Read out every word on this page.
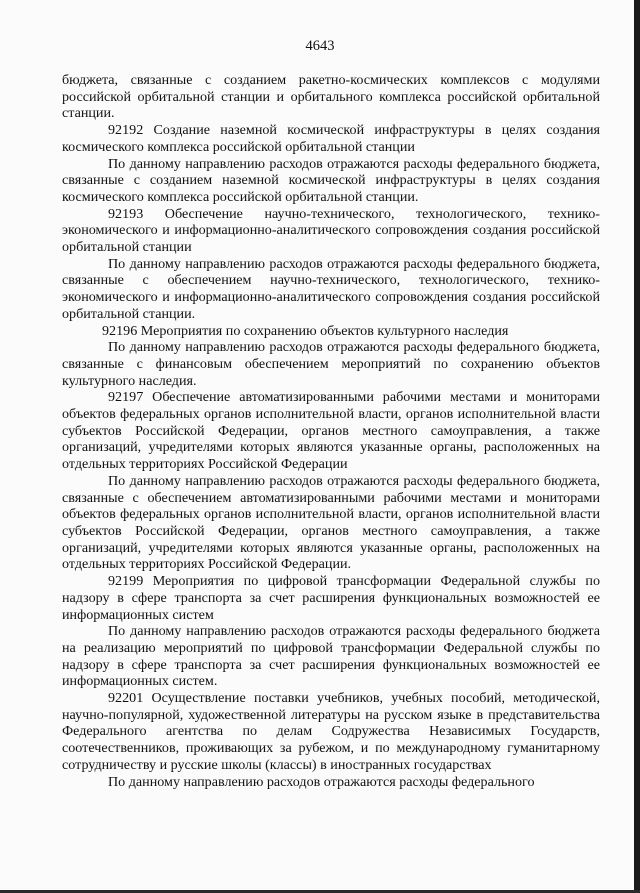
4643

бюджета, связанные с созданием ракетно-космических комплексов с модулями российской орбитальной станции и орбитального комплекса российской орбитальной станции.

92192 Создание наземной космической инфраструктуры в целях создания космического комплекса российской орбитальной станции

По данному направлению расходов отражаются расходы федерального бюджета, связанные с созданием наземной космической инфраструктуры в целях создания космического комплекса российской орбитальной станции.

92193 Обеспечение научно-технического, технологического, технико-экономического и информационно-аналитического сопровождения создания российской орбитальной станции

По данному направлению расходов отражаются расходы федерального бюджета, связанные с обеспечением научно-технического, технологического, технико-экономического и информационно-аналитического сопровождения создания российской орбитальной станции.

92196 Мероприятия по сохранению объектов культурного наследия

По данному направлению расходов отражаются расходы федерального бюджета, связанные с финансовым обеспечением мероприятий по сохранению объектов культурного наследия.

92197 Обеспечение автоматизированными рабочими местами и мониторами объектов федеральных органов исполнительной власти, органов исполнительной власти субъектов Российской Федерации, органов местного самоуправления, а также организаций, учредителями которых являются указанные органы, расположенных на отдельных территориях Российской Федерации

По данному направлению расходов отражаются расходы федерального бюджета, связанные с обеспечением автоматизированными рабочими местами и мониторами объектов федеральных органов исполнительной власти, органов исполнительной власти субъектов Российской Федерации, органов местного самоуправления, а также организаций, учредителями которых являются указанные органы, расположенных на отдельных территориях Российской Федерации.

92199 Мероприятия по цифровой трансформации Федеральной службы по надзору в сфере транспорта за счет расширения функциональных возможностей ее информационных систем

По данному направлению расходов отражаются расходы федерального бюджета на реализацию мероприятий по цифровой трансформации Федеральной службы по надзору в сфере транспорта за счет расширения функциональных возможностей ее информационных систем.

92201 Осуществление поставки учебников, учебных пособий, методической, научно-популярной, художественной литературы на русском языке в представительства Федерального агентства по делам Содружества Независимых Государств, соотечественников, проживающих за рубежом, и по международному гуманитарному сотрудничеству и русские школы (классы) в иностранных государствах

По данному направлению расходов отражаются расходы федерального
